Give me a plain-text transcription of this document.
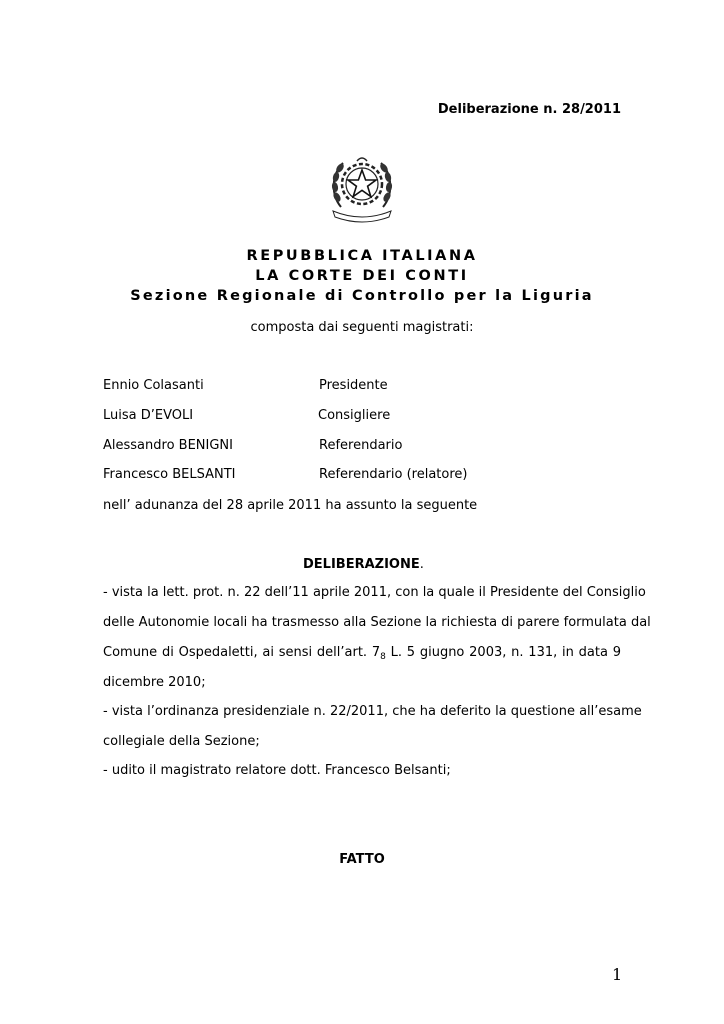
Deliberazione n. 28/2011
REPUBBLICA ITALIANA
LA CORTE DEI CONTI
Sezione Regionale di Controllo per la Liguria
composta dai seguenti magistrati:
Ennio Colasanti	Presidente
Luisa D’EVOLI	Consigliere
Alessandro BENIGNI	Referendario
Francesco BELSANTI	Referendario (relatore)
nell’ adunanza del 28 aprile 2011 ha assunto la seguente
DELIBERAZIONE.
- vista la lett. prot. n. 22 dell’11 aprile 2011, con la quale il Presidente del Consiglio
delle Autonomie locali ha trasmesso alla Sezione la richiesta di parere formulata dal
Comune di Ospedaletti, ai sensi dell’art. $7_8$ L. 5 giugno 2003, n. 131, in data 9
dicembre 2010;
- vista l’ordinanza presidenziale n. 22/2011, che ha deferito la questione all’esame
collegiale della Sezione;
- udito il magistrato relatore dott. Francesco Belsanti;
FATTO
1
